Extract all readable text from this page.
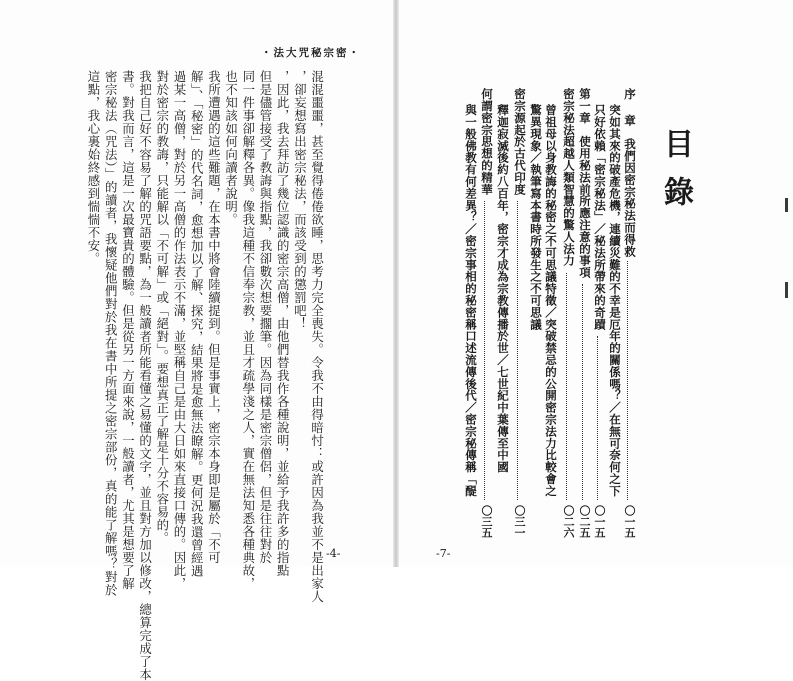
・法大咒秘宗密・
這點，我心裏始終感到惴惴不安。 密宗秘法（咒法）」的讀者，我懷疑他們對於我在書中所提之密宗部份，真的能了解嗎？對於 書。對我而言，這是一次最寶貴的體驗。但是從另一方面來說，一般讀者，尤其是想要了解 我把自己好不容易了解的咒語要點，為一般讀者所能看懂之易懂的文字，並且對方加以修改，總算完成了本 對於密宗的教誨，只能解以「不可解」或「絕對」。要想真正了解是十分不容易的。 過某一高僧，對於另一高僧的作法表示不滿，並堅稱自己是由大日如來直接口傳的。因此， 解」、「秘密」的代名詞，愈想加以了解、探究，結果將是愈無法瞭解。更何況我還曾經遇 我所遭遇的這些難題，在本書中將會陸續提到。但是事實上，密宗本身即是屬於「不可 也不知該如何向讀者說明。 同一件事卻解釋各異。像我這種不信奉宗教，並且才疏學淺之人，實在無法知悉各種典故， 但是儘管接受了教誨與指點，我卻數次想要擱筆。因為同樣是密宗僧侶，但是往往對於 ，因此，我去拜訪了幾位認識的密宗高僧，由他們替我作各種說明，並給予我許多的指點 ，卻妄想寫出密宗秘法，而該受到的懲罰吧！ 混混噩噩，甚至覺得倦倦欲睡，思考力完全喪失。令我不由得暗忖：或許因為我並不是出家人 -4-
目錄
序 章　我們因密宗秘法而得救
〇一五
突如其來的破產危機，連續災難的不幸是厄年的關係嗎？／在無可奈何之下
只好依賴「密宗秘法」／秘法所帶來的奇蹟
〇一五
第一章　使用秘法前所應注意的事項
〇二五
密宗秘法超越人類智慧的驚人法力
〇二六
曾祖母以身教誨的秘密之不可思議特徵／突破禁忌的公開密宗法力比較會之
驚異現象／執筆寫本書時所發生之不可思議
密宗源起於古代印度
〇三一
釋迦寂滅後約八百年，密宗才成為宗教傳播於世／七世紀中葉傳至中國
何謂密宗思想的精華
〇三五
與一般佛教有何差異？／密宗事相的秘密稱口述流傳後代／密宗秘傳稱「醍
-7-
